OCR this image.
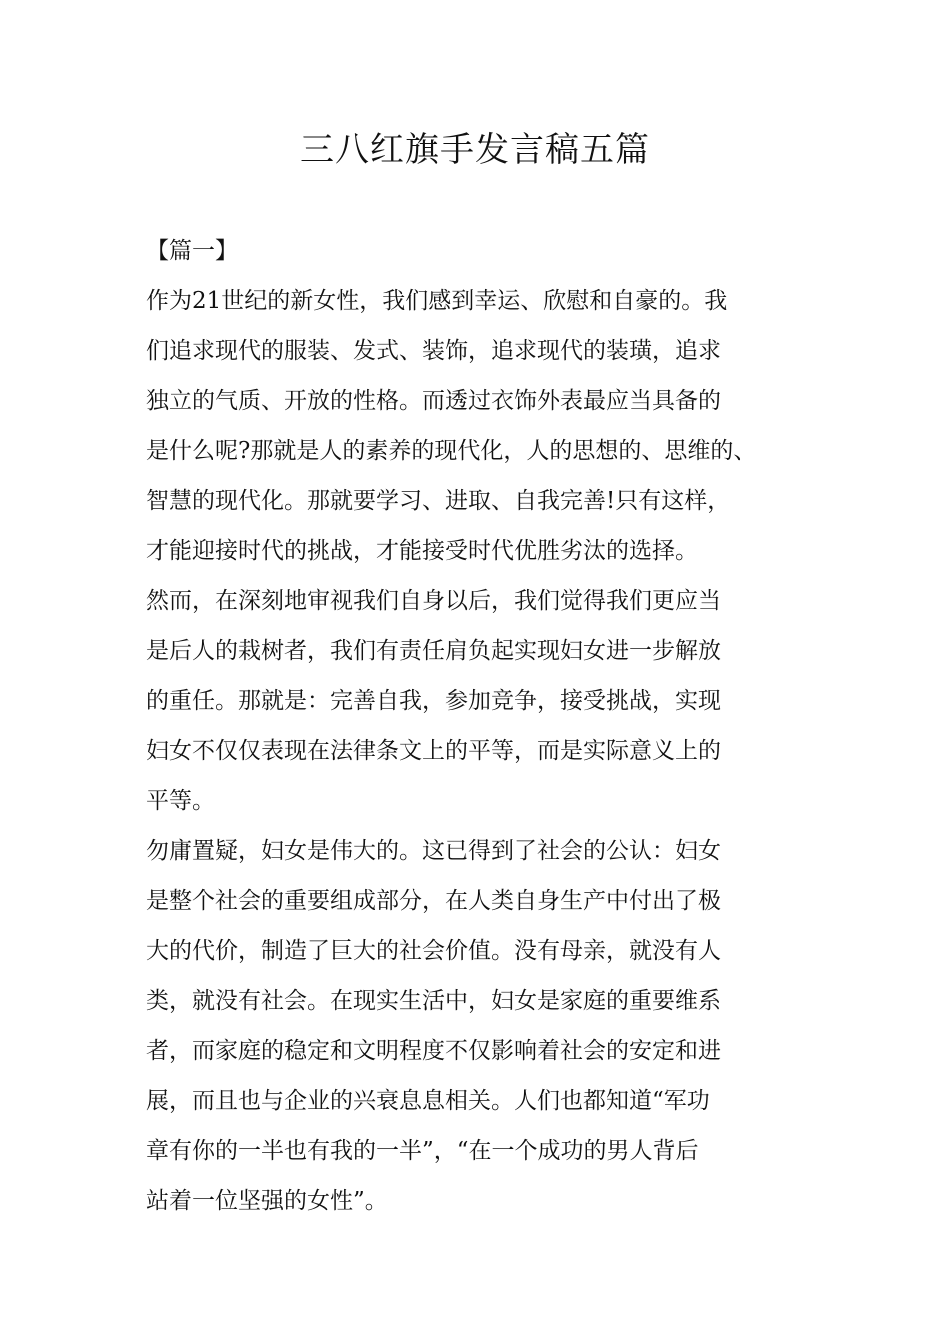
三八红旗手发言稿五篇

【篇一】

作为21世纪的新女性，我们感到幸运、欣慰和自豪的。我

们追求现代的服装、发式、装饰，追求现代的装璜，追求

独立的气质、开放的性格。而透过衣饰外表最应当具备的

是什么呢?那就是人的素养的现代化，人的思想的、思维的、

智慧的现代化。那就要学习、进取、自我完善!只有这样，

才能迎接时代的挑战，才能接受时代优胜劣汰的选择。

然而，在深刻地审视我们自身以后，我们觉得我们更应当

是后人的栽树者，我们有责任肩负起实现妇女进一步解放

的重任。那就是：完善自我，参加竞争，接受挑战，实现

妇女不仅仅表现在法律条文上的平等，而是实际意义上的

平等。

勿庸置疑，妇女是伟大的。这已得到了社会的公认：妇女

是整个社会的重要组成部分，在人类自身生产中付出了极

大的代价，制造了巨大的社会价值。没有母亲，就没有人

类，就没有社会。在现实生活中，妇女是家庭的重要维系

者，而家庭的稳定和文明程度不仅影响着社会的安定和进

展，而且也与企业的兴衰息息相关。人们也都知道“军功

章有你的一半也有我的一半”，“在一个成功的男人背后

站着一位坚强的女性”。
